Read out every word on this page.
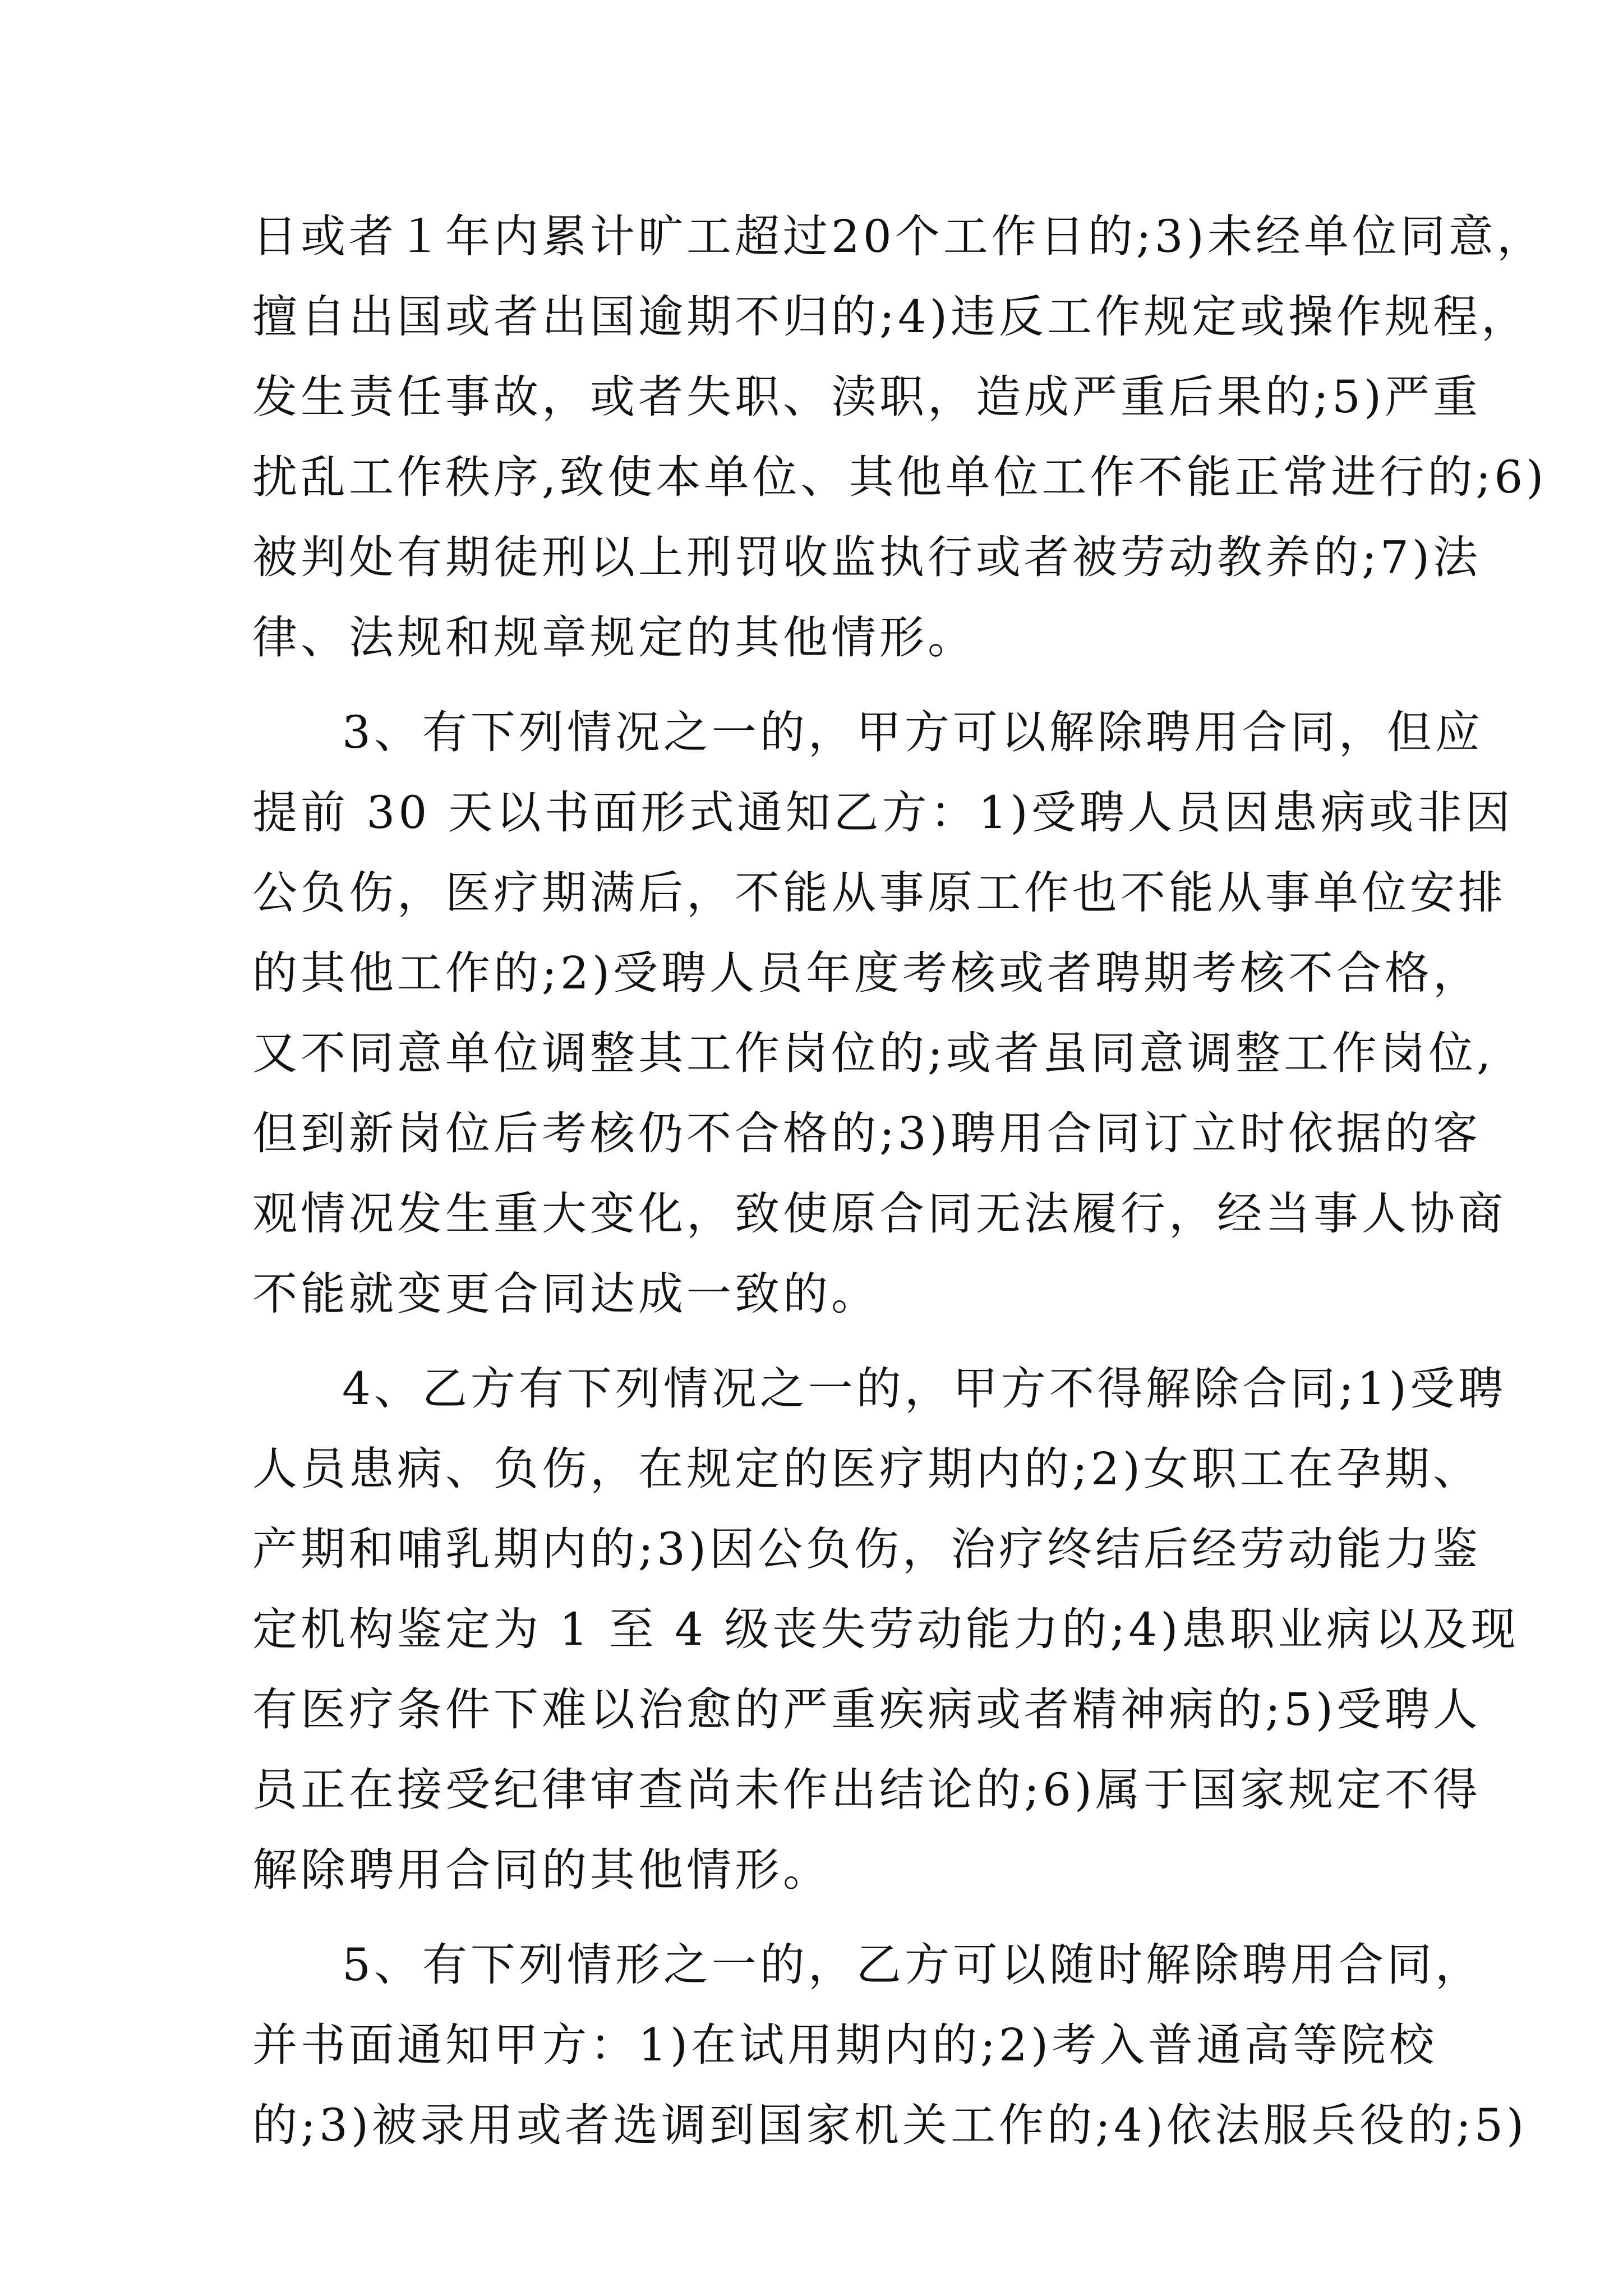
日或者１年内累计旷工超过20个工作日的;3)未经单位同意，
擅自出国或者出国逾期不归的;4)违反工作规定或操作规程，
发生责任事故，或者失职、渎职，造成严重后果的;5)严重
扰乱工作秩序,致使本单位、其他单位工作不能正常进行的;6)
被判处有期徒刑以上刑罚收监执行或者被劳动教养的;7)法
律、法规和规章规定的其他情形。
3、有下列情况之一的，甲方可以解除聘用合同，但应
提前 30 天以书面形式通知乙方：1)受聘人员因患病或非因
公负伤，医疗期满后，不能从事原工作也不能从事单位安排
的其他工作的;2)受聘人员年度考核或者聘期考核不合格，
又不同意单位调整其工作岗位的;或者虽同意调整工作岗位,
但到新岗位后考核仍不合格的;3)聘用合同订立时依据的客
观情况发生重大变化，致使原合同无法履行，经当事人协商
不能就变更合同达成一致的。
4、乙方有下列情况之一的，甲方不得解除合同;1)受聘
人员患病、负伤，在规定的医疗期内的;2)女职工在孕期、
产期和哺乳期内的;3)因公负伤，治疗终结后经劳动能力鉴
定机构鉴定为 1 至 4 级丧失劳动能力的;4)患职业病以及现
有医疗条件下难以治愈的严重疾病或者精神病的;5)受聘人
员正在接受纪律审查尚未作出结论的;6)属于国家规定不得
解除聘用合同的其他情形。
5、有下列情形之一的，乙方可以随时解除聘用合同，
并书面通知甲方：1)在试用期内的;2)考入普通高等院校
的;3)被录用或者选调到国家机关工作的;4)依法服兵役的;5)
